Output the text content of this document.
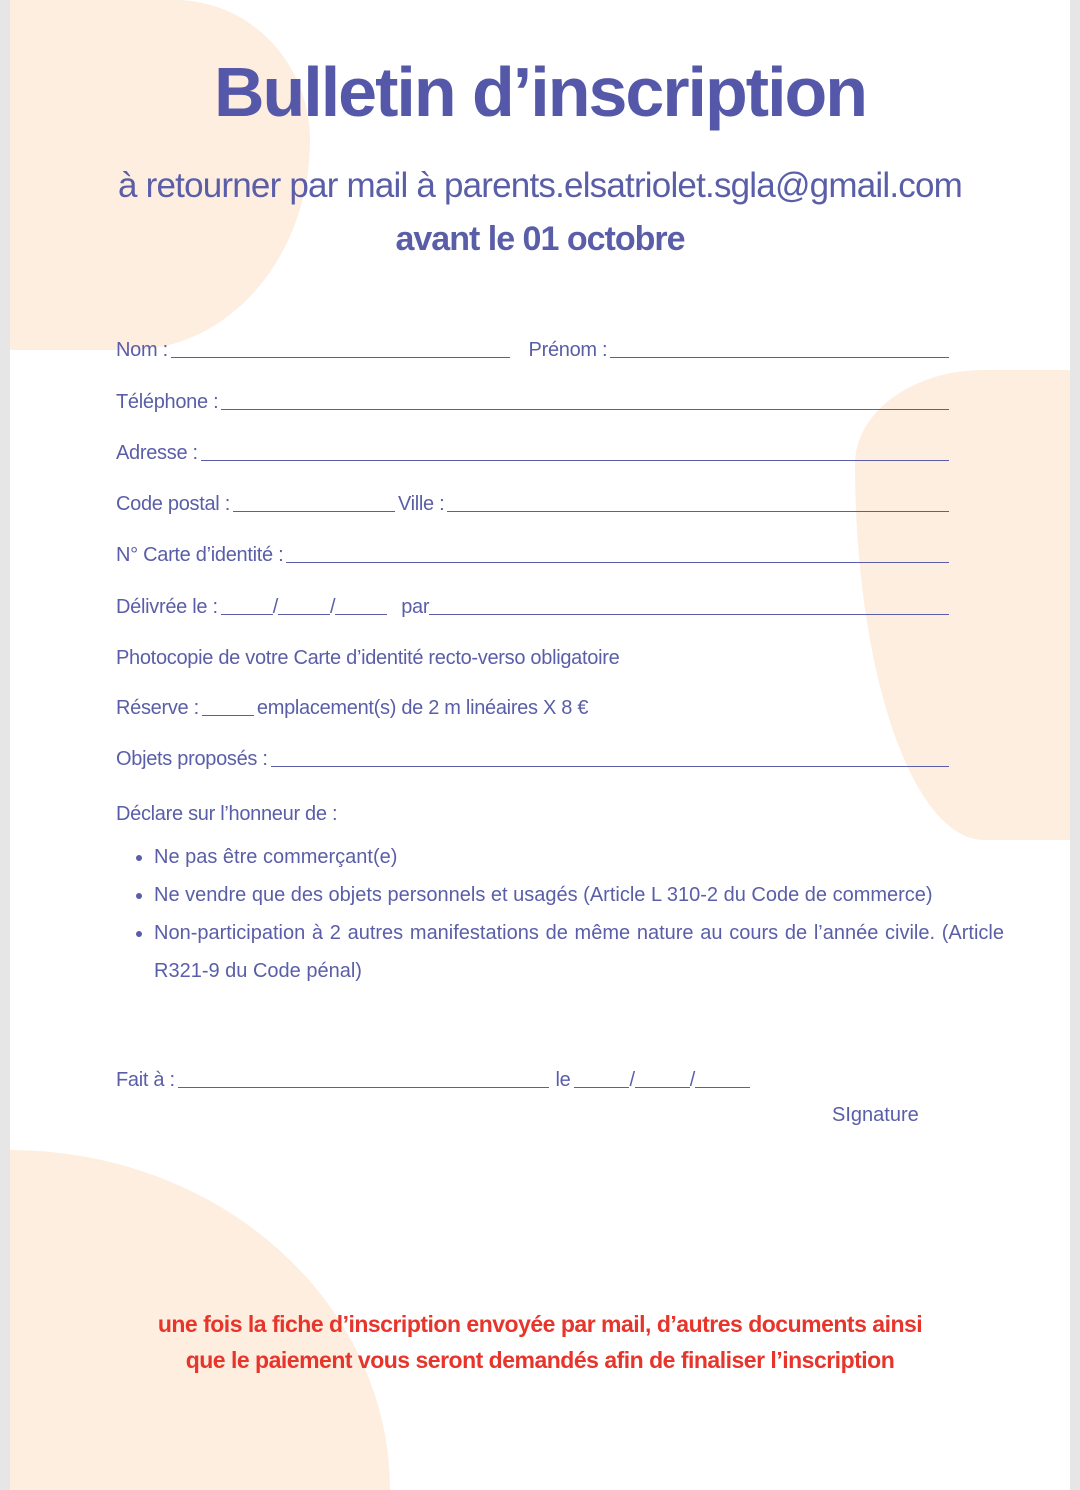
Bulletin d’inscription
à retourner par mail à parents.elsatriolet.sgla@gmail.com
avant le 01 octobre
Nom :	Prénom :
Téléphone :
Adresse :
Code postal :	Ville :
N° Carte d’identité :
Délivrée le :	/	/	par
Photocopie de votre Carte d’identité recto-verso obligatoire
Réserve :	emplacement(s) de 2 m linéaires X 8 €
Objets proposés :
Déclare sur l’honneur de :
• Ne pas être commerçant(e)
• Ne vendre que des objets personnels et usagés (Article L 310-2 du Code de commerce)
• Non-participation à 2 autres manifestations de même nature au cours de l’année civile. (Article R321-9 du Code pénal)
Fait à :	le	/	/
SIgnature
une fois la fiche d’inscription envoyée par mail, d’autres documents ainsi
que le paiement vous seront demandés afin de finaliser l’inscription
